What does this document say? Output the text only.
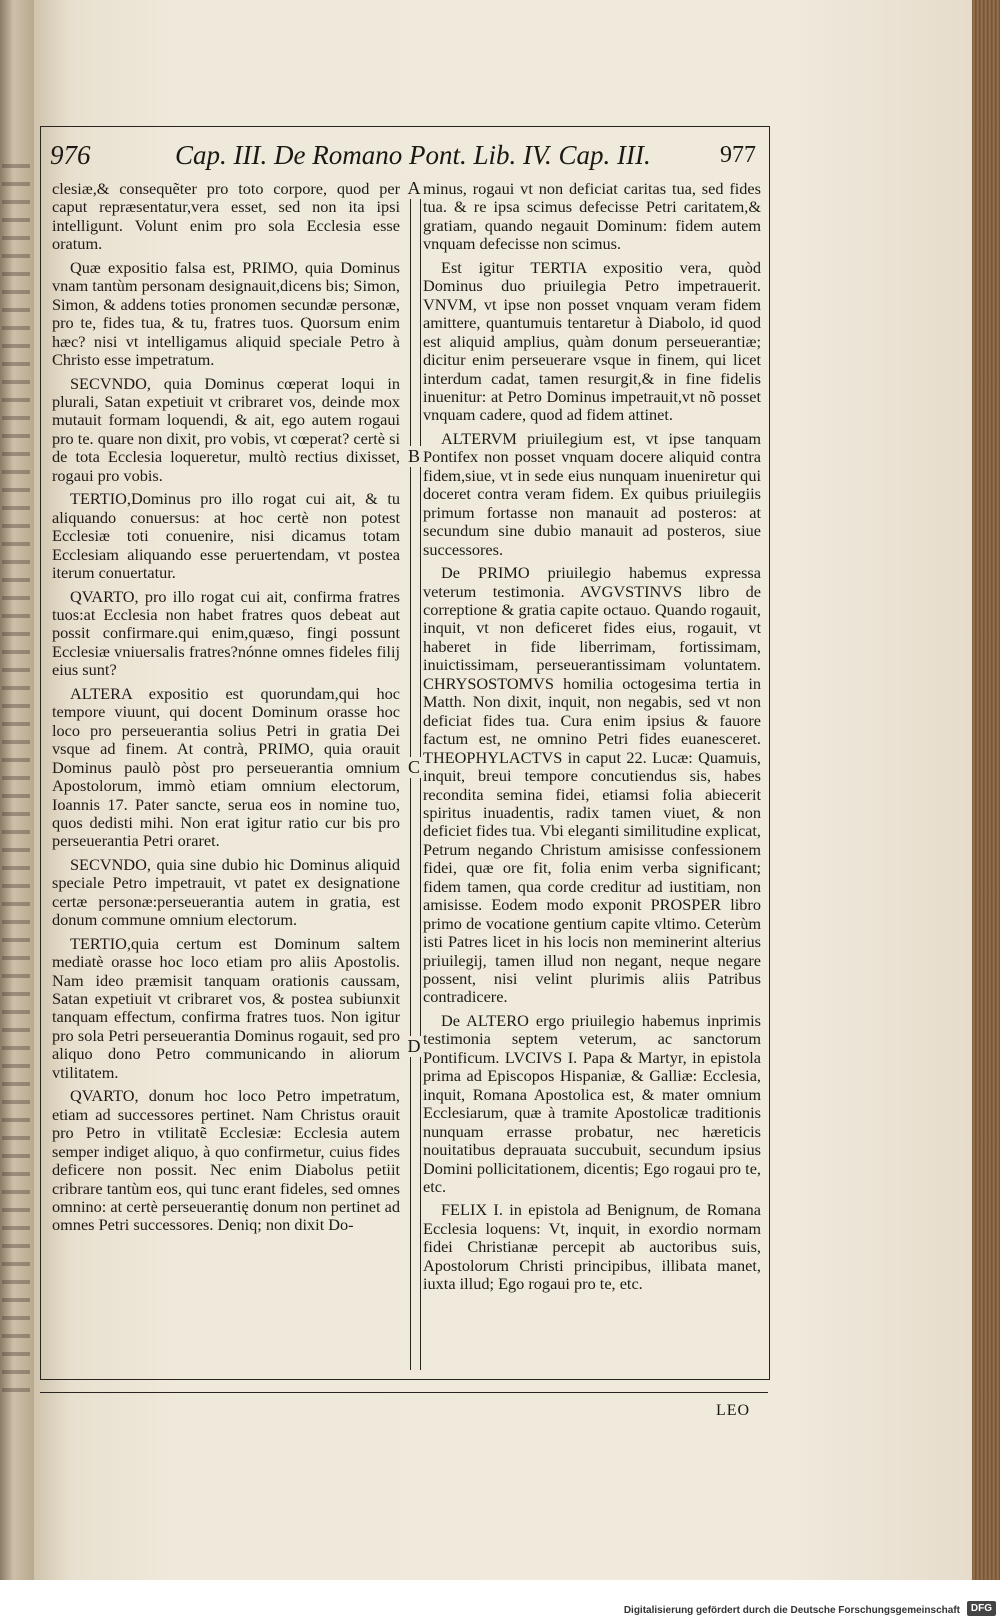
976	Cap. III. De Romano Pont. Lib. IV. Cap. III.	977
A
B
C
D

clesiæ,& consequẽter pro toto corpore, quod per caput repræsentatur,vera esset, sed non ita ipsi intelligunt. Volunt enim pro sola Ecclesia esse oratum.

Quæ expositio falsa est, PRIMO, quia Dominus vnam tantùm personam designauit,dicens bis; Simon, Simon, & addens toties pronomen secundæ personæ, pro te, fides tua, & tu, fratres tuos. Quorsum enim hæc? nisi vt intelligamus aliquid speciale Petro à Christo esse impetratum.

SECVNDO, quia Dominus cœperat loqui in plurali, Satan expetiuit vt cribraret vos, deinde mox mutauit formam loquendi, & ait, ego autem rogaui pro te. quare non dixit, pro vobis, vt cœperat? certè si de tota Ecclesia loqueretur, multò rectius dixisset, rogaui pro vobis.

TERTIO,Dominus pro illo rogat cui ait, & tu aliquando conuersus: at hoc certè non potest Ecclesiæ toti conuenire, nisi dicamus totam Ecclesiam aliquando esse peruertendam, vt postea iterum conuertatur.

QVARTO, pro illo rogat cui ait, confirma fratres tuos:at Ecclesia non habet fratres quos debeat aut possit confirmare.qui enim,quæso, fingi possunt Ecclesiæ vniuersalis fratres?nónne omnes fideles filij eius sunt?

ALTERA expositio est quorundam,qui hoc tempore viuunt, qui docent Dominum orasse hoc loco pro perseuerantia solius Petri in gratia Dei vsque ad finem. At contrà, PRIMO, quia orauit Dominus paulò pòst pro perseuerantia omnium Apostolorum, immò etiam omnium electorum, Ioannis 17. Pater sancte, serua eos in nomine tuo, quos dedisti mihi. Non erat igitur ratio cur bis pro perseuerantia Petri oraret.

SECVNDO, quia sine dubio hic Dominus aliquid speciale Petro impetrauit, vt patet ex designatione certæ personæ:perseuerantia autem in gratia, est donum commune omnium electorum.

TERTIO,quia certum est Dominum saltem mediatè orasse hoc loco etiam pro aliis Apostolis. Nam ideo præmisit tanquam orationis caussam, Satan expetiuit vt cribraret vos, & postea subiunxit tanquam effectum, confirma fratres tuos. Non igitur pro sola Petri perseuerantia Dominus rogauit, sed pro aliquo dono Petro communicando in aliorum vtilitatem.

QVARTO, donum hoc loco Petro impetratum, etiam ad successores pertinet. Nam Christus orauit pro Petro in vtilitatẽ Ecclesiæ: Ecclesia autem semper indiget aliquo, à quo confirmetur, cuius fides deficere non possit. Nec enim Diabolus petiit cribrare tantùm eos, qui tunc erant fideles, sed omnes omnino: at certè perseuerantię donum non pertinet ad omnes Petri successores. Deniq; non dixit Do-

minus, rogaui vt non deficiat caritas tua, sed fides tua. & re ipsa scimus defecisse Petri caritatem,& gratiam, quando negauit Dominum: fidem autem vnquam defecisse non scimus.

Est igitur TERTIA expositio vera, quòd Dominus duo priuilegia Petro impetrauerit. VNVM, vt ipse non posset vnquam veram fidem amittere, quantumuis tentaretur à Diabolo, id quod est aliquid amplius, quàm donum perseuerantiæ; dicitur enim perseuerare vsque in finem, qui licet interdum cadat, tamen resurgit,& in fine fidelis inuenitur: at Petro Dominus impetrauit,vt nõ posset vnquam cadere, quod ad fidem attinet.

ALTERVM priuilegium est, vt ipse tanquam Pontifex non posset vnquam docere aliquid contra fidem,siue, vt in sede eius nunquam inueniretur qui doceret contra veram fidem. Ex quibus priuilegiis primum fortasse non manauit ad posteros: at secundum sine dubio manauit ad posteros, siue successores.

De PRIMO priuilegio habemus expressa veterum testimonia. AVGVSTINVS libro de correptione & gratia capite octauo. Quando rogauit, inquit, vt non deficeret fides eius, rogauit, vt haberet in fide liberrimam, fortissimam, inuictissimam, perseuerantissimam voluntatem. CHRYSOSTOMVS homilia octogesima tertia in Matth. Non dixit, inquit, non negabis, sed vt non deficiat fides tua. Cura enim ipsius & fauore factum est, ne omnino Petri fides euanesceret. THEOPHYLACTVS in caput 22. Lucæ: Quamuis, inquit, breui tempore concutiendus sis, habes recondita semina fidei, etiamsi folia abiecerit spiritus inuadentis, radix tamen viuet, & non deficiet fides tua. Vbi eleganti similitudine explicat, Petrum negando Christum amisisse confessionem fidei, quæ ore fit, folia enim verba significant; fidem tamen, qua corde creditur ad iustitiam, non amisisse. Eodem modo exponit PROSPER libro primo de vocatione gentium capite vltimo. Ceterùm isti Patres licet in his locis non meminerint alterius priuilegij, tamen illud non negant, neque negare possent, nisi velint plurimis aliis Patribus contradicere.

De ALTERO ergo priuilegio habemus inprimis testimonia septem veterum, ac sanctorum Pontificum. LVCIVS I. Papa & Martyr, in epistola prima ad Episcopos Hispaniæ, & Galliæ: Ecclesia, inquit, Romana Apostolica est, & mater omnium Ecclesiarum, quæ à tramite Apostolicæ traditionis nunquam errasse probatur, nec hæreticis nouitatibus deprauata succubuit, secundum ipsius Domini pollicitationem, dicentis; Ego rogaui pro te, etc.

FELIX I. in epistola ad Benignum, de Romana Ecclesia loquens: Vt, inquit, in exordio normam fidei Christianæ percepit ab auctoribus suis, Apostolorum Christi principibus, illibata manet, iuxta illud; Ego rogaui pro te, etc.

LEO
Digitalisierung gefördert durch die Deutsche Forschungsgemeinschaft	DFG
